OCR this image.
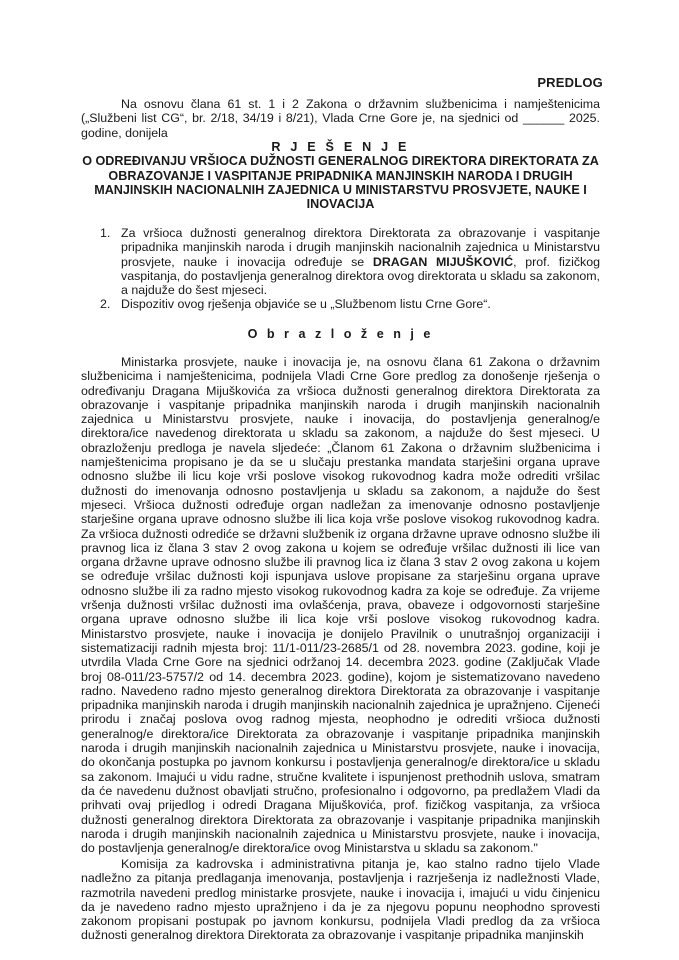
PREDLOG

Na osnovu člana 61 st. 1 i 2 Zakona o državnim službenicima i namještenicima („Službeni list CG“, br. 2/18, 34/19 i 8/21), Vlada Crne Gore je, na sjednici od ______ 2025. godine, donijela

R J E Š E N J E
O ODREĐIVANJU VRŠIOCA DUŽNOSTI GENERALNOG DIREKTORA DIREKTORATA ZA OBRAZOVANJE I VASPITANJE PRIPADNIKA MANJINSKIH NARODA I DRUGIH MANJINSKIH NACIONALNIH ZAJEDNICA U MINISTARSTVU PROSVJETE, NAUKE I INOVACIJA
1. Za vršioca dužnosti generalnog direktora Direktorata za obrazovanje i vaspitanje pripadnika manjinskih naroda i drugih manjinskih nacionalnih zajednica u Ministarstvu prosvjete, nauke i inovacija određuje se DRAGAN MIJUŠKOVIĆ, prof. fizičkog vaspitanja, do postavljenja generalnog direktora ovog direktorata u skladu sa zakonom, a najduže do šest mjeseci.
2. Dispozitiv ovog rješenja objaviće se u „Službenom listu Crne Gore“.
O b r a z l o ž e n j e

Ministarka prosvjete, nauke i inovacija je, na osnovu člana 61 Zakona o državnim službenicima i namještenicima, podnijela Vladi Crne Gore predlog za donošenje rješenja o određivanju Dragana Mijuškovića za vršioca dužnosti generalnog direktora Direktorata za obrazovanje i vaspitanje pripadnika manjinskih naroda i drugih manjinskih nacionalnih zajednica u Ministarstvu prosvjete, nauke i inovacija, do postavljenja generalnog/e direktora/ice navedenog direktorata u skladu sa zakonom, a najduže do šest mjeseci. U obrazloženju predloga je navela sljedeće: „Članom 61 Zakona o državnim službenicima i namještenicima propisano je da se u slučaju prestanka mandata starješini organa uprave odnosno službe ili licu koje vrši poslove visokog rukovodnog kadra može odrediti vršilac dužnosti do imenovanja odnosno postavljenja u skladu sa zakonom, a najduže do šest mjeseci. Vršioca dužnosti određuje organ nadležan za imenovanje odnosno postavljenje starješine organa uprave odnosno službe ili lica koja vrše poslove visokog rukovodnog kadra. Za vršioca dužnosti odrediće se državni službenik iz organa državne uprave odnosno službe ili pravnog lica iz člana 3 stav 2 ovog zakona u kojem se određuje vršilac dužnosti ili lice van organa državne uprave odnosno službe ili pravnog lica iz člana 3 stav 2 ovog zakona u kojem se određuje vršilac dužnosti koji ispunjava uslove propisane za starješinu organa uprave odnosno službe ili za radno mjesto visokog rukovodnog kadra za koje se određuje. Za vrijeme vršenja dužnosti vršilac dužnosti ima ovlašćenja, prava, obaveze i odgovornosti starješine organa uprave odnosno službe ili lica koje vrši poslove visokog rukovodnog kadra. Ministarstvo prosvjete, nauke i inovacija je donijelo Pravilnik o unutrašnjoj organizaciji i sistematizaciji radnih mjesta broj: 11/1-011/23-2685/1 od 28. novembra 2023. godine, koji je utvrdila Vlada Crne Gore na sjednici održanoj 14. decembra 2023. godine (Zaključak Vlade broj 08-011/23-5757/2 od 14. decembra 2023. godine), kojom je sistematizovano navedeno radno. Navedeno radno mjesto generalnog direktora Direktorata za obrazovanje i vaspitanje pripadnika manjinskih naroda i drugih manjinskih nacionalnih zajednica je upražnjeno. Cijeneći prirodu i značaj poslova ovog radnog mjesta, neophodno je odrediti vršioca dužnosti generalnog/e direktora/ice Direktorata za obrazovanje i vaspitanje pripadnika manjinskih naroda i drugih manjinskih nacionalnih zajednica u Ministarstvu prosvjete, nauke i inovacija, do okončanja postupka po javnom konkursu i postavljenja generalnog/e direktora/ice u skladu sa zakonom. Imajući u vidu radne, stručne kvalitete i ispunjenost prethodnih uslova, smatram da će navedenu dužnost obavljati stručno, profesionalno i odgovorno, pa predlažem Vladi da prihvati ovaj prijedlog i odredi Dragana Mijuškovića, prof. fizičkog vaspitanja, za vršioca dužnosti generalnog direktora Direktorata za obrazovanje i vaspitanje pripadnika manjinskih naroda i drugih manjinskih nacionalnih zajednica u Ministarstvu prosvjete, nauke i inovacija, do postavljenja generalnog/e direktora/ice ovog Ministarstva u skladu sa zakonom."

Komisija za kadrovska i administrativna pitanja je, kao stalno radno tijelo Vlade nadležno za pitanja predlaganja imenovanja, postavljenja i razrješenja iz nadležnosti Vlade, razmotrila navedeni predlog ministarke prosvjete, nauke i inovacija i, imajući u vidu činjenicu da je navedeno radno mjesto upražnjeno i da je za njegovu popunu neophodno sprovesti zakonom propisani postupak po javnom konkursu, podnijela Vladi predlog da za vršioca dužnosti generalnog direktora Direktorata za obrazovanje i vaspitanje pripadnika manjinskih
